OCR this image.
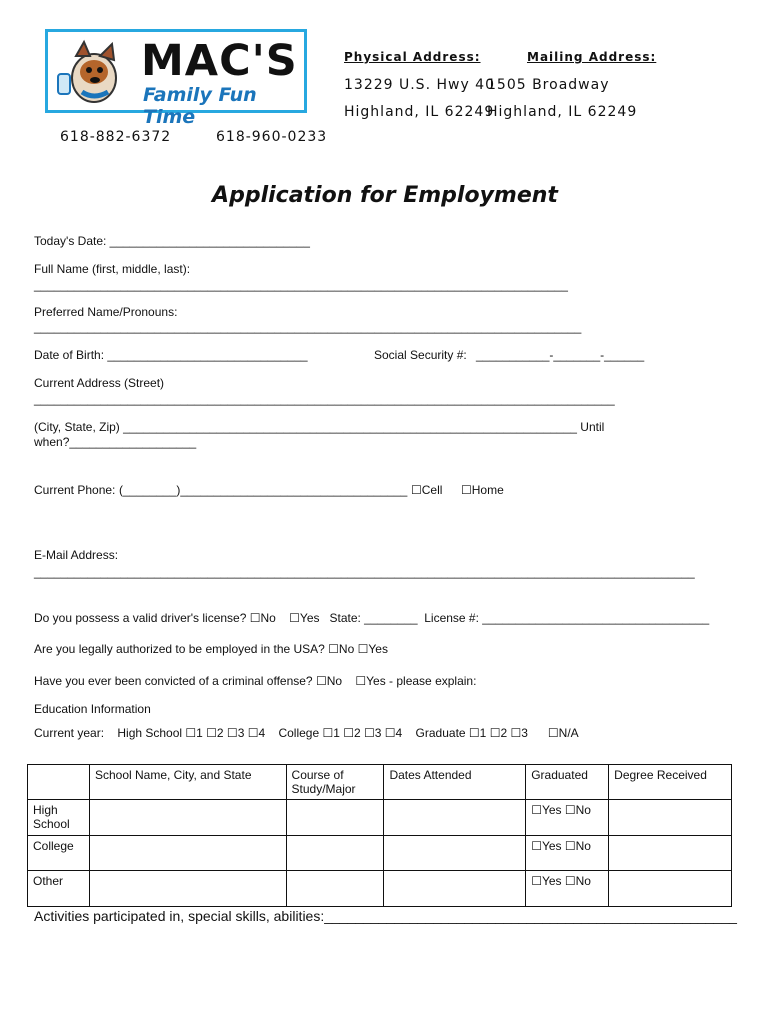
MAC'S
Family Fun Time
Physical Address:	Mailing Address:
13229 U.S. Hwy 40
1505 Broadway
Highland, IL 62249
Highland, IL 62249
618-882-6372	618-960-0233
Application for Employment
Today's Date: ______________________________
Full Name (first, middle, last):
________________________________________________________________________________
Preferred Name/Pronouns:
__________________________________________________________________________________
Date of Birth: ______________________________	Social Security #: ___________-_______-______
Current Address (Street)
_______________________________________________________________________________________
(City, State, Zip) ____________________________________________________________________ Until
when?___________________
Current Phone: (________)__________________________________ ☐Cell ☐Home
E-Mail Address:
___________________________________________________________________________________________________
Do you possess a valid driver's license? ☐No    ☐Yes   State: ________  License #: __________________________________
Are you legally authorized to be employed in the USA? ☐No ☐Yes
Have you ever been convicted of a criminal offense? ☐No    ☐Yes - please explain:
Education Information
Current year:    High School ☐1 ☐2 ☐3 ☐4    College ☐1 ☐2 ☐3 ☐4    Graduate ☐1 ☐2 ☐3      ☐N/A
	School Name, City, and State	Course of Study/Major	Dates Attended	Graduated	Degree Received
High School				☐Yes ☐No	
College				☐Yes ☐No	
Other				☐Yes ☐No	
Activities participated in, special skills, abilities:_____________________________________________________
